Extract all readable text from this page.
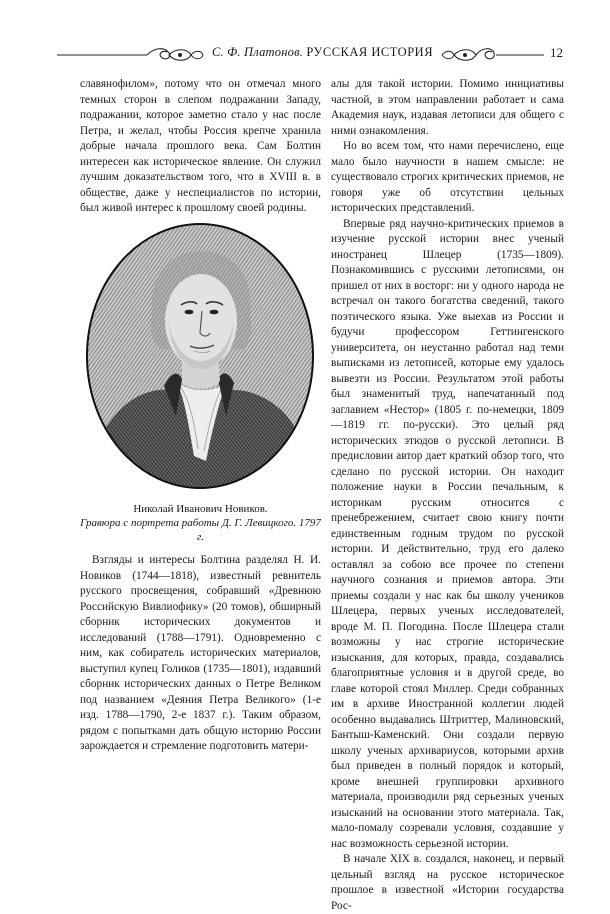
С. Ф. Платонов. РУССКАЯ ИСТОРИЯ	12

славянофилом», потому что он отмечал много темных сторон в слепом подражании Западу, подражании, которое заметно стало у нас после Петра, и желал, чтобы Россия крепче хранила добрые начала прошлого века. Сам Болтин интересен как историческое явление. Он служил лучшим доказательством того, что в XVIII в. в обществе, даже у неспециалистов по истории, был живой интерес к прошлому своей родины.

Николай Иванович Новиков.
Гравюра с портрета работы Д. Г. Левицкого. 1797 г.

Взгляды и интересы Болтина разделял Н. И. Новиков (1744—1818), известный ревнитель русского просвещения, собравший «Древнюю Российскую Вивлиофику» (20 томов), обширный сборник исторических документов и исследований (1788—1791). Одновременно с ним, как собиратель исторических материалов, выступил купец Голиков (1735—1801), издавший сборник исторических данных о Петре Великом под названием «Деяния Петра Великого» (1-е изд. 1788—1790, 2-е 1837 г.). Таким образом, рядом с попытками дать общую историю России зарождается и стремление подготовить матери-

алы для такой истории. Помимо инициативы частной, в этом направлении работает и сама Академия наук, издавая летописи для общего с ними ознакомления.

Но во всем том, что нами перечислено, еще мало было научности в нашем смысле: не существовало строгих критических приемов, не говоря уже об отсутствии цельных исторических представлений.

Впервые ряд научно-критических приемов в изучение русской истории внес ученый иностранец Шлецер (1735—1809). Познакомившись с русскими летописями, он пришел от них в восторг: ни у одного народа не встречал он такого богатства сведений, такого поэтического языка. Уже выехав из России и будучи профессором Геттингенского университета, он неустанно работал над теми выписками из летописей, которые ему удалось вывезти из России. Результатом этой работы был знаменитый труд, напечатанный под заглавием «Нестор» (1805 г. по-немецки, 1809—1819 гг. по-русски). Это целый ряд исторических этюдов о русской летописи. В предисловии автор дает краткий обзор того, что сделано по русской истории. Он находит положение науки в России печальным, к историкам русским относится с пренебрежением, считает свою книгу почти единственным годным трудом по русской истории. И действительно, труд его далеко оставлял за собою все прочее по степени научного сознания и приемов автора. Эти приемы создали у нас как бы школу учеников Шлецера, первых ученых исследователей, вроде М. П. Погодина. После Шлецера стали возможны у нас строгие исторические изыскания, для которых, правда, создавались благоприятные условия и в другой среде, во главе которой стоял Миллер. Среди собранных им в архиве Иностранной коллегии людей особенно выдавались Штриттер, Малиновский, Бантыш-Каменский. Они создали первую школу ученых архивариусов, которыми архив был приведен в полный порядок и который, кроме внешней группировки архивного материала, производили ряд серьезных ученых изысканий на основании этого материала. Так, мало-помалу созревали условия, создавшие у нас возможность серьезной истории.

В начале XIX в. создался, наконец, и первый цельный взгляд на русское историческое прошлое в известной «Истории государства Рос-
